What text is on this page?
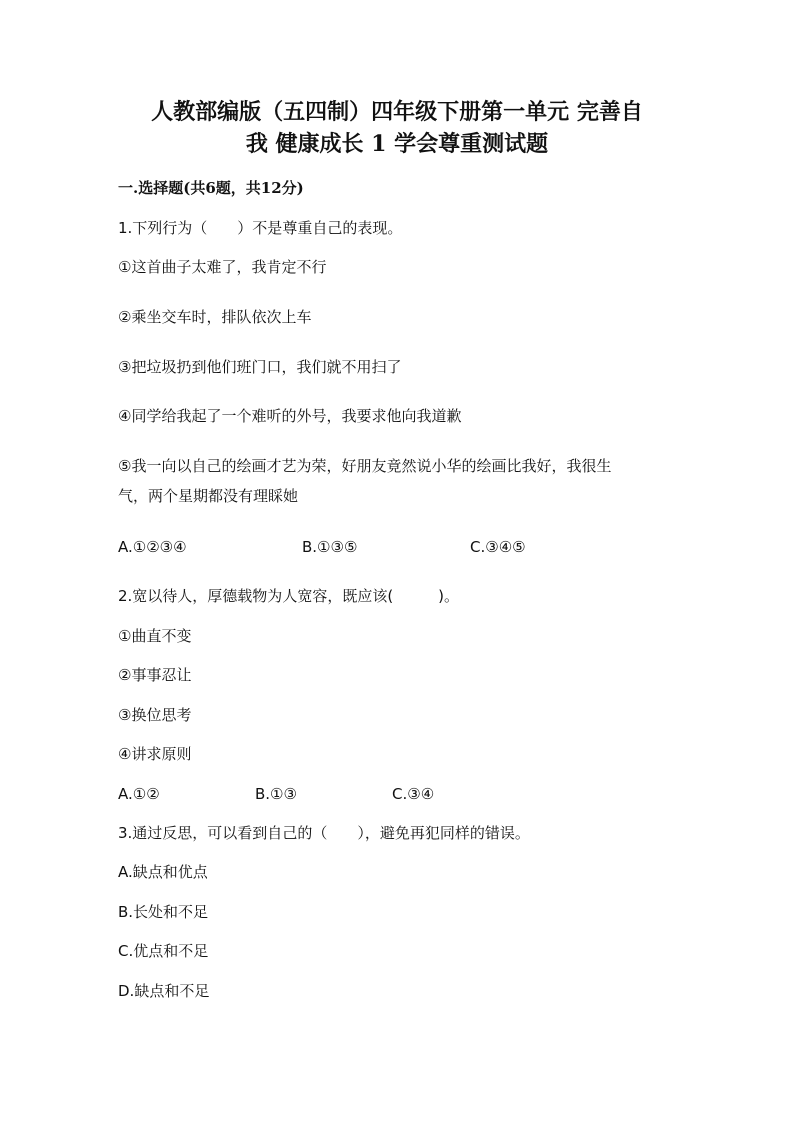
人教部编版（五四制）四年级下册第一单元 完善自
我 健康成长 1 学会尊重测试题
一.选择题(共6题，共12分)
1.下列行为（　　）不是尊重自己的表现。
①这首曲子太难了，我肯定不行
②乘坐交车时，排队依次上车
③把垃圾扔到他们班门口，我们就不用扫了
④同学给我起了一个难听的外号，我要求他向我道歉
⑤我一向以自己的绘画才艺为荣，好朋友竟然说小华的绘画比我好，我很生
气，两个星期都没有理睬她
A.①②③④	B.①③⑤	C.③④⑤
2.宽以待人，厚德载物为人宽容，既应该(　　　)。
①曲直不变
②事事忍让
③换位思考
④讲求原则
A.①②	B.①③	C.③④
3.通过反思，可以看到自己的（　　），避免再犯同样的错误。
A.缺点和优点
B.长处和不足
C.优点和不足
D.缺点和不足
